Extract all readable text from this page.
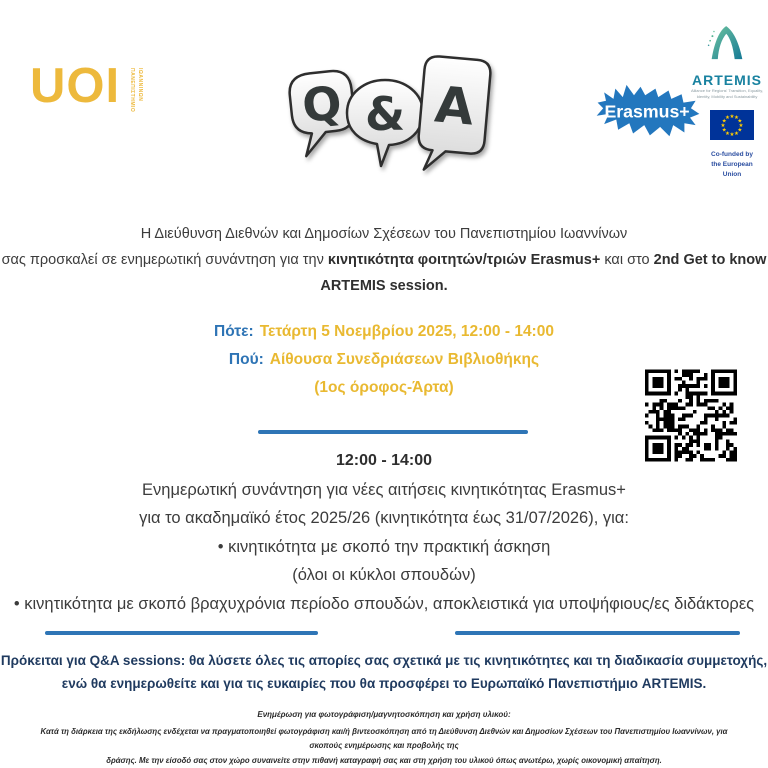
UOI ΠΑΝΕΠΙΣΤΗΜΙΟ ΙΩΑΝΝΙΝΩΝ	Q & A	Erasmus+
ARTEMIS
Alliance for Regions' Transition, Equality,
Identity, Mobility and Sustainability
★ ★
★
★
★
★
★
★
★
★
★
★
Co-funded by
the European Union
Η Διεύθυνση Διεθνών και Δημοσίων Σχέσεων του Πανεπιστημίου Ιωαννίνων
σας προσκαλεί σε ενημερωτική συνάντηση για την κινητικότητα φοιτητών/τριών Erasmus+ και στο 2nd Get to know ARTEMIS session.
Πότε: Τετάρτη 5 Νοεμβρίου 2025, 12:00 - 14:00
Πού: Αίθουσα Συνεδριάσεων Βιβλιοθήκης
(1ος όροφος-Άρτα)
12:00 - 14:00
Ενημερωτική συνάντηση για νέες αιτήσεις κινητικότητας Erasmus+
για το ακαδημαϊκό έτος 2025/26 (κινητικότητα έως 31/07/2026), για:
• κινητικότητα με σκοπό την πρακτική άσκηση
(όλοι οι κύκλοι σπουδών)
• κινητικότητα με σκοπό βραχυχρόνια περίοδο σπουδών, αποκλειστικά για υποψήφιους/ες διδάκτορες
Πρόκειται για Q&A sessions: θα λύσετε όλες τις απορίες σας σχετικά με τις κινητικότητες και τη διαδικασία συμμετοχής,
ενώ θα ενημερωθείτε και για τις ευκαιρίες που θα προσφέρει το Ευρωπαϊκό Πανεπιστήμιο ARTEMIS.
Ενημέρωση για φωτογράφιση/μαγνητοσκόπηση και χρήση υλικού:
Κατά τη διάρκεια της εκδήλωσης ενδέχεται να πραγματοποιηθεί φωτογράφιση και/ή βιντεοσκόπηση από τη Διεύθυνση Διεθνών και Δημοσίων Σχέσεων του Πανεπιστημίου Ιωαννίνων, για σκοπούς ενημέρωσης και προβολής της
δράσης. Με την είσοδό σας στον χώρο συναινείτε στην πιθανή καταγραφή σας και στη χρήση του υλικού όπως ανωτέρω, χωρίς οικονομική απαίτηση.
